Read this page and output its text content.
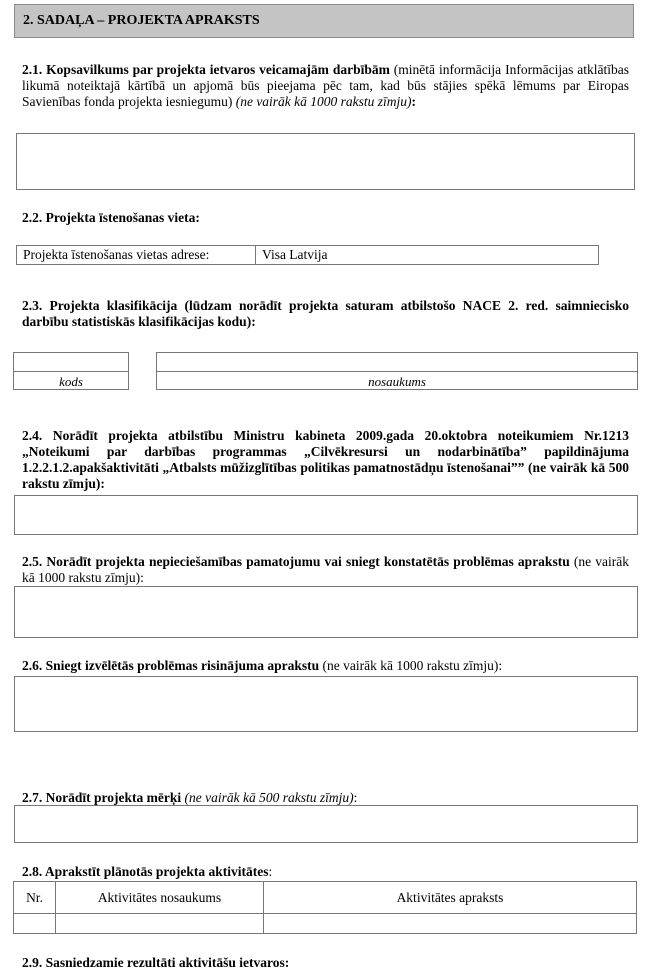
2. SADAĻA – PROJEKTA APRAKSTS

2.1. Kopsavilkums par projekta ietvaros veicamajām darbībām (minētā informācija Informācijas atklātības likumā noteiktajā kārtībā un apjomā būs pieejama pēc tam, kad būs stājies spēkā lēmums par Eiropas Savienības fonda projekta iesniegumu) (ne vairāk kā 1000 rakstu zīmju):

2.2. Projekta īstenošanas vieta:

Projekta īstenošanas vietas adrese:	Visa Latvija

2.3. Projekta klasifikācija (lūdzam norādīt projekta saturam atbilstošo NACE 2. red. saimniecisko darbību statistiskās klasifikācijas kodu):

kods	nosaukums

2.4. Norādīt projekta atbilstību Ministru kabineta 2009.gada 20.oktobra noteikumiem Nr.1213 „Noteikumi par darbības programmas „Cilvēkresursi un nodarbinātība” papildinājuma 1.2.2.1.2.apakšaktivitāti „Atbalsts mūžizglītības politikas pamatnostādņu īstenošanai”” (ne vairāk kā 500 rakstu zīmju):

2.5. Norādīt projekta nepieciešamības pamatojumu vai sniegt konstatētās problēmas aprakstu (ne vairāk kā 1000 rakstu zīmju):

2.6. Sniegt izvēlētās problēmas risinājuma aprakstu (ne vairāk kā 1000 rakstu zīmju):

2.7. Norādīt projekta mērķi (ne vairāk kā 500 rakstu zīmju):

2.8. Aprakstīt plānotās projekta aktivitātes:

Nr.	Aktivitātes nosaukums	Aktivitātes apraksts

2.9. Sasniedzamie rezultāti aktivitāšu ietvaros:
